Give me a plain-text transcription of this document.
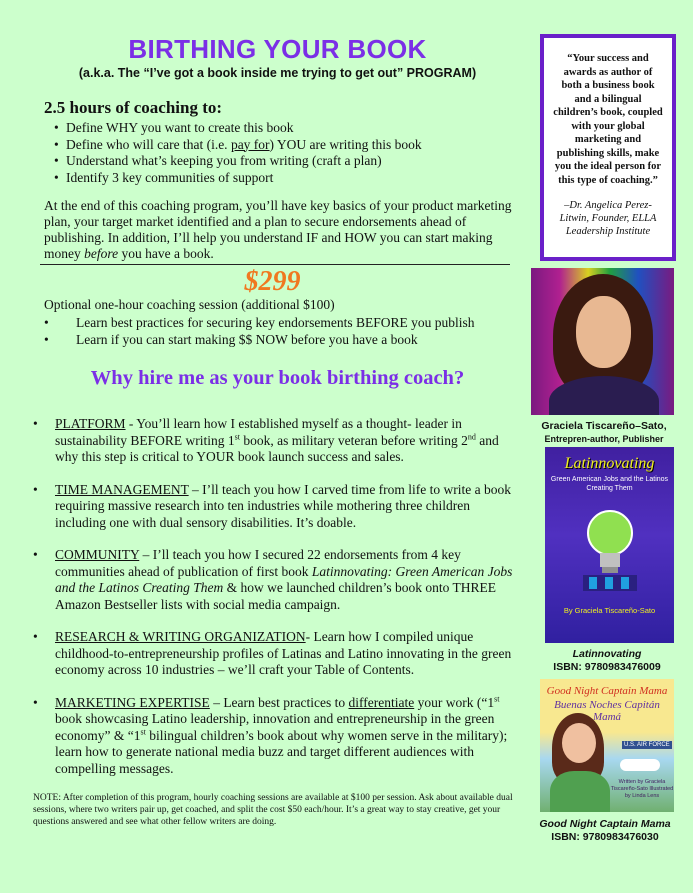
BIRTHING YOUR BOOK
(a.k.a. The “I’ve got a book inside me trying to get out” PROGRAM)
2.5 hours of coaching to:
• Define WHY you want to create this book
• Define who will care that (i.e. pay for) YOU are writing this book
• Understand what’s keeping you from writing (craft a plan)
• Identify 3 key communities of support

At the end of this coaching program, you’ll have key basics of your product marketing plan, your target market identified and a plan to secure endorsements ahead of publishing. In addition, I’ll help you understand IF and HOW you can start making money before you have a book.

$299
Optional one-hour coaching session (additional $100)
• Learn best practices for securing key endorsements BEFORE you publish
• Learn if you can start making $$ NOW before you have a book
Why hire me as your book birthing coach?
• PLATFORM - You’ll learn how I established myself as a thought- leader in sustainability BEFORE writing 1st book, as military veteran before writing 2nd and why this step is critical to YOUR book launch success and sales.
• TIME MANAGEMENT – I’ll teach you how I carved time from life to write a book requiring massive research into ten industries while mothering three children including one with dual sensory disabilities. It’s doable.
• COMMUNITY – I’ll teach you how I secured 22 endorsements from 4 key communities ahead of publication of first book Latinnovating: Green American Jobs and the Latinos Creating Them & how we launched children’s book onto THREE Amazon Bestseller lists with social media campaign.
• RESEARCH & WRITING ORGANIZATION- Learn how I compiled unique childhood-to-entrepreneurship profiles of Latinas and Latino innovating in the green economy across 10 industries – we’ll craft your Table of Contents.
• MARKETING EXPERTISE – Learn best practices to differentiate your work (“1st book showcasing Latino leadership, innovation and entrepreneurship in the green economy” & “1st bilingual children’s book about why women serve in the military); learn how to generate national media buzz and target different audiences with compelling messages.

NOTE: After completion of this program, hourly coaching sessions are available at $100 per session. Ask about available dual sessions, where two writers pair up, get coached, and split the cost $50 each/hour. It’s a great way to stay creative, get your questions answered and see what other fellow writers are doing.

“Your success and awards as author of both a business book and a bilingual children’s book, coupled with your global marketing and publishing skills, make you the ideal person for this type of coaching.”
–Dr. Angelica Perez-Litwin, Founder, ELLA Leadership Institute
Graciela Tiscareño–Sato,
Entrepren-author, Publisher
Latinnovating
Green American Jobs and the Latinos Creating Them
By Graciela Tiscareño-Sato
Latinnovating
ISBN: 9780983476009
Good Night Captain Mama
Buenas Noches Capitán Mamá
U.S. AIR FORCE
Written by Graciela Tiscareño-Sato Illustrated by Linda Lens
Good Night Captain Mama
ISBN: 9780983476030
